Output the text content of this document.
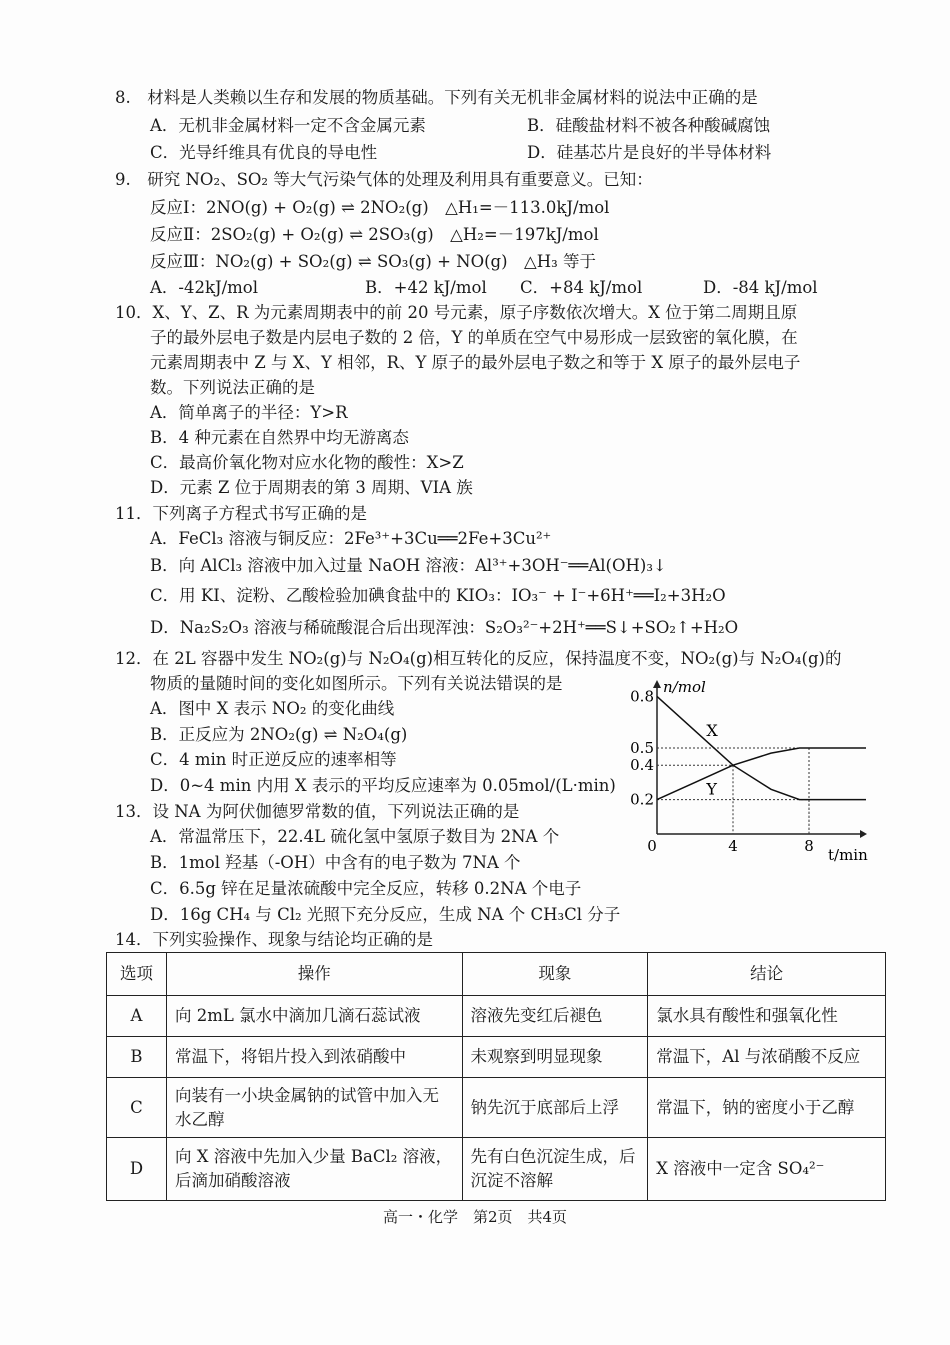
8.　材料是人类赖以生存和发展的物质基础。下列有关无机非金属材料的说法中正确的是
A．无机非金属材料一定不含金属元素	B．硅酸盐材料不被各种酸碱腐蚀
C．光导纤维具有优良的导电性	D．硅基芯片是良好的半导体材料
9.　研究 NO₂、SO₂ 等大气污染气体的处理及利用具有重要意义。已知：
反应Ⅰ：2NO(g) + O₂(g) ⇌ 2NO₂(g)　△H₁=－113.0kJ/mol
反应Ⅱ：2SO₂(g) + O₂(g) ⇌ 2SO₃(g)　△H₂=－197kJ/mol
反应Ⅲ：NO₂(g) + SO₂(g) ⇌ SO₃(g) + NO(g)　△H₃ 等于
A．-42kJ/mol	B．+42 kJ/mol C．+84 kJ/mol	D．-84 kJ/mol
10．X、Y、Z、R 为元素周期表中的前 20 号元素，原子序数依次增大。X 位于第二周期且原
子的最外层电子数是内层电子数的 2 倍，Y 的单质在空气中易形成一层致密的氧化膜，在
元素周期表中 Z 与 X、Y 相邻，R、Y 原子的最外层电子数之和等于 X 原子的最外层电子
数。下列说法正确的是
A．简单离子的半径：Y>R
B．4 种元素在自然界中均无游离态
C．最高价氧化物对应水化物的酸性：X>Z
D．元素 Z 位于周期表的第 3 周期、VIA 族
11．下列离子方程式书写正确的是
A．FeCl₃ 溶液与铜反应：2Fe³⁺+3Cu══2Fe+3Cu²⁺
B．向 AlCl₃ 溶液中加入过量 NaOH 溶液：Al³⁺+3OH⁻══Al(OH)₃↓
C．用 KI、淀粉、乙酸检验加碘食盐中的 KIO₃：IO₃⁻ + I⁻+6H⁺══I₂+3H₂O
D．Na₂S₂O₃ 溶液与稀硫酸混合后出现浑浊：S₂O₃²⁻+2H⁺══S↓+SO₂↑+H₂O
12．在 2L 容器中发生 NO₂(g)与 N₂O₄(g)相互转化的反应，保持温度不变，NO₂(g)与 N₂O₄(g)的
物质的量随时间的变化如图所示。下列有关说法错误的是
A．图中 X 表示 NO₂ 的变化曲线
B．正反应为 2NO₂(g) ⇌ N₂O₄(g)
C．4 min 时正逆反应的速率相等
D．0~4 min 内用 X 表示的平均反应速率为 0.05mol/(L·min)
13．设 NA 为阿伏伽德罗常数的值，下列说法正确的是
A．常温常压下，22.4L 硫化氢中氢原子数目为 2NA 个
B．1mol 羟基（-OH）中含有的电子数为 7NA 个
C．6.5g 锌在足量浓硫酸中完全反应，转移 0.2NA 个电子
D．16g CH₄ 与 Cl₂ 光照下充分反应，生成 NA 个 CH₃Cl 分子
14．下列实验操作、现象与结论均正确的是
X
Y
0.8
0.5
0.4
0.2
4	8
0
n/mol
t/min
选项	操作	现象	结论
A	向 2mL 氯水中滴加几滴石蕊试液	溶液先变红后褪色	氯水具有酸性和强氧化性
B	常温下，将铝片投入到浓硝酸中	未观察到明显现象	常温下，Al 与浓硝酸不反应
C	向装有一小块金属钠的试管中加入无水乙醇	钠先沉于底部后上浮	常温下，钠的密度小于乙醇
D	向 X 溶液中先加入少量 BaCl₂ 溶液，后滴加硝酸溶液	先有白色沉淀生成，后沉淀不溶解	X 溶液中一定含 SO₄²⁻
高一・化学　第2页　共4页
